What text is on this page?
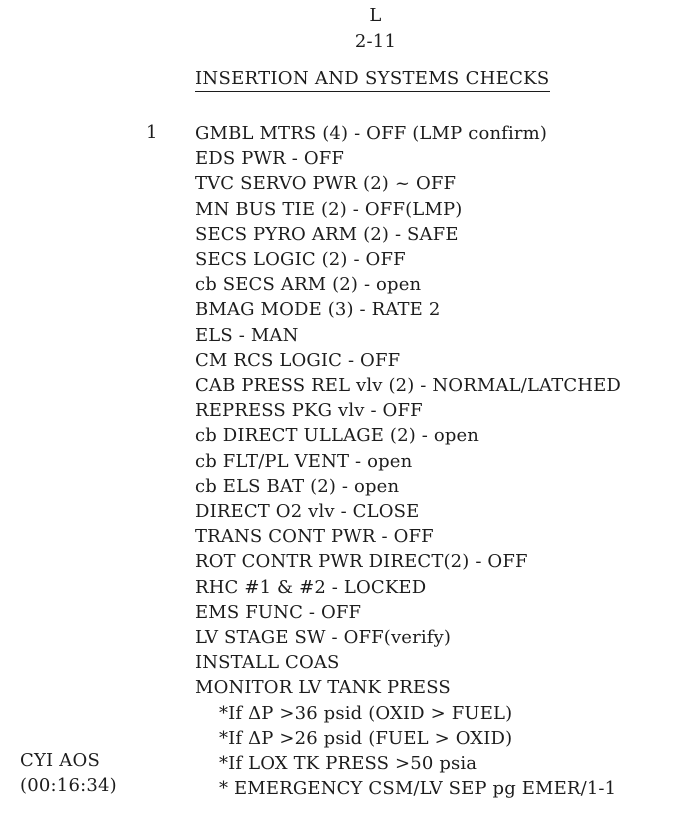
L
2-11
INSERTION AND SYSTEMS CHECKS
1 GMBL MTRS (4) - OFF (LMP confirm)
EDS PWR - OFF
TVC SERVO PWR (2) ~ OFF
MN BUS TIE (2) - OFF(LMP)
SECS PYRO ARM (2) - SAFE
SECS LOGIC (2) - OFF
cb SECS ARM (2) - open
BMAG MODE (3) - RATE 2
ELS - MAN
CM RCS LOGIC - OFF
CAB PRESS REL vlv (2) - NORMAL/LATCHED
REPRESS PKG vlv - OFF
cb DIRECT ULLAGE (2) - open
cb FLT/PL VENT - open
cb ELS BAT (2) - open
DIRECT O2 vlv - CLOSE
TRANS CONT PWR - OFF
ROT CONTR PWR DIRECT(2) - OFF
RHC #1 & #2 - LOCKED
EMS FUNC - OFF
LV STAGE SW - OFF(verify)
INSTALL COAS
MONITOR LV TANK PRESS
*If ΔP >36 psid (OXID > FUEL)
*If ΔP >26 psid (FUEL > OXID)
*If LOX TK PRESS >50 psia
* EMERGENCY CSM/LV SEP pg EMER/1-1
CYI AOS
(00:16:34)
